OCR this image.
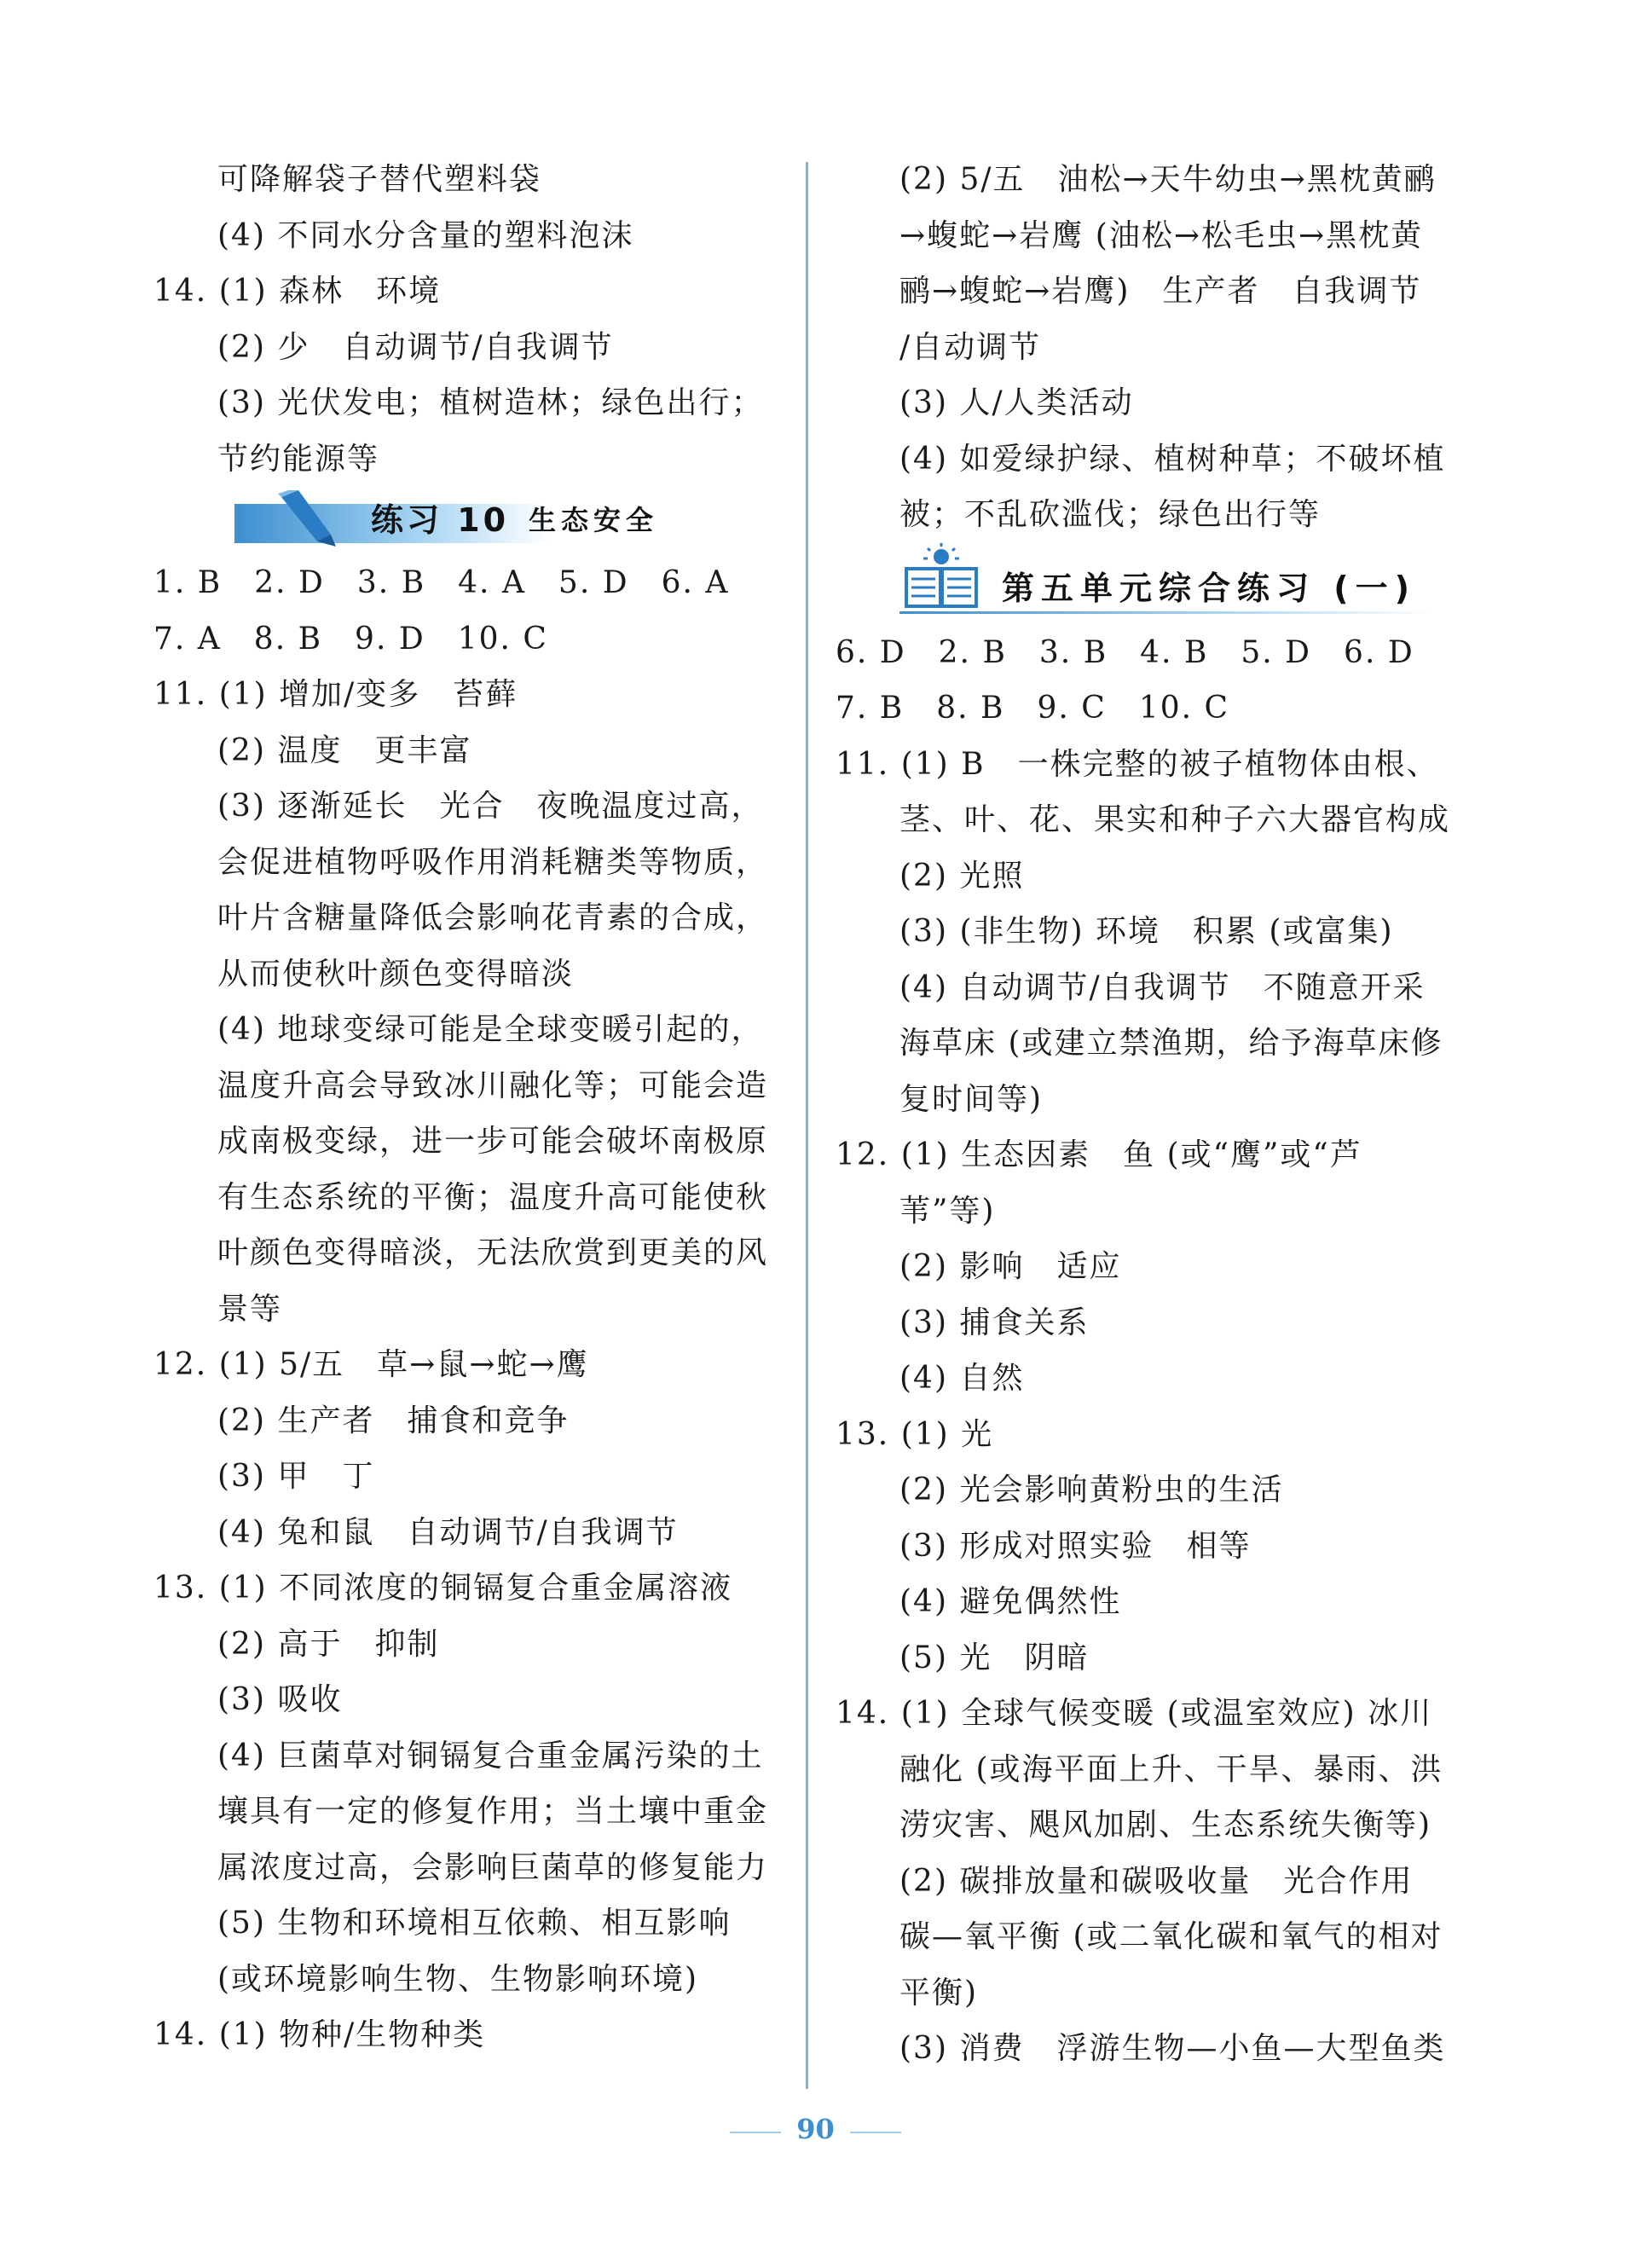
可降解袋子替代塑料袋
(4) 不同水分含量的塑料泡沫
14. (1) 森林　环境
(2) 少　自动调节/自我调节
(3) 光伏发电；植树造林；绿色出行；
节约能源等
练习 10 生态安全
1. B　2. D　3. B　4. A　5. D　6. A
7. A　8. B　9. D　10. C
11. (1) 增加/变多　苔藓
(2) 温度　更丰富
(3) 逐渐延长　光合　夜晚温度过高，
会促进植物呼吸作用消耗糖类等物质，
叶片含糖量降低会影响花青素的合成，
从而使秋叶颜色变得暗淡
(4) 地球变绿可能是全球变暖引起的，
温度升高会导致冰川融化等；可能会造
成南极变绿，进一步可能会破坏南极原
有生态系统的平衡；温度升高可能使秋
叶颜色变得暗淡，无法欣赏到更美的风
景等
12. (1) 5/五　草→鼠→蛇→鹰
(2) 生产者　捕食和竞争
(3) 甲　丁
(4) 兔和鼠　自动调节/自我调节
13. (1) 不同浓度的铜镉复合重金属溶液
(2) 高于　抑制
(3) 吸收
(4) 巨菌草对铜镉复合重金属污染的土
壤具有一定的修复作用；当土壤中重金
属浓度过高，会影响巨菌草的修复能力
(5) 生物和环境相互依赖、相互影响
(或环境影响生物、生物影响环境)
14. (1) 物种/生物种类
(2) 5/五　油松→天牛幼虫→黑枕黄鹂
→蝮蛇→岩鹰 (油松→松毛虫→黑枕黄
鹂→蝮蛇→岩鹰)　生产者　自我调节
/自动调节
(3) 人/人类活动
(4) 如爱绿护绿、植树种草；不破坏植
被；不乱砍滥伐；绿色出行等
第五单元综合练习 (一)
6. D　2. B　3. B　4. B　5. D　6. D
7. B　8. B　9. C　10. C
11. (1) B　一株完整的被子植物体由根、
茎、叶、花、果实和种子六大器官构成
(2) 光照
(3) (非生物) 环境　积累 (或富集)
(4) 自动调节/自我调节　不随意开采
海草床 (或建立禁渔期，给予海草床修
复时间等)
12. (1) 生态因素　鱼 (或“鹰”或“芦
苇”等)
(2) 影响　适应
(3) 捕食关系
(4) 自然
13. (1) 光
(2) 光会影响黄粉虫的生活
(3) 形成对照实验　相等
(4) 避免偶然性
(5) 光　阴暗
14. (1) 全球气候变暖 (或温室效应) 冰川
融化 (或海平面上升、干旱、暴雨、洪
涝灾害、飓风加剧、生态系统失衡等)
(2) 碳排放量和碳吸收量　光合作用
碳—氧平衡 (或二氧化碳和氧气的相对
平衡)
(3) 消费　浮游生物—小鱼—大型鱼类
90
